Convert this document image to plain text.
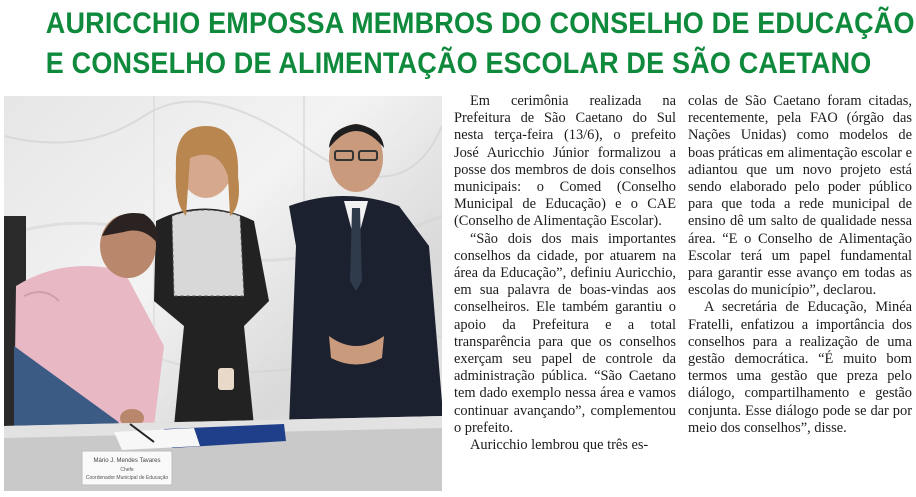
AURICCHIO EMPOSSA MEMBROS DO CONSELHO DE EDUCAÇÃO
E CONSELHO DE ALIMENTAÇÃO ESCOLAR DE SÃO CAETANO
Mário J. Mendes Tavares
Chefe
Coordenador Municipal de Educação

Em cerimônia realizada na Prefeitura de São Caetano do Sul nesta terça-feira (13/6), o prefeito José Auricchio Júnior formalizou a posse dos membros de dois conselhos municipais: o Comed (Conselho Municipal de Educação) e o CAE (Conselho de Alimentação Escolar).

“São dois dos mais importantes conselhos da cidade, por atuarem na área da Educação”, definiu Auricchio, em sua palavra de boas-vindas aos conselheiros. Ele também garantiu o apoio da Prefeitura e a total transparência para que os conselhos exerçam seu papel de controle da administração pública. “São Caetano tem dado exemplo nessa área e vamos continuar avançando”, complementou o prefeito.

Auricchio lembrou que três es-

colas de São Caetano foram citadas, recentemente, pela FAO (órgão das Nações Unidas) como modelos de boas práticas em alimentação escolar e adiantou que um novo projeto está sendo elaborado pelo poder público para que toda a rede municipal de ensino dê um salto de qualidade nessa área. “E o Conselho de Alimentação Escolar terá um papel fundamental para garantir esse avanço em todas as escolas do município”, declarou.

A secretária de Educação, Minéa Fratelli, enfatizou a importância dos conselhos para a realização de uma gestão democrática. “É muito bom termos uma gestão que preza pelo diálogo, compartilhamento e gestão conjunta. Esse diálogo pode se dar por meio dos conselhos”, disse.
